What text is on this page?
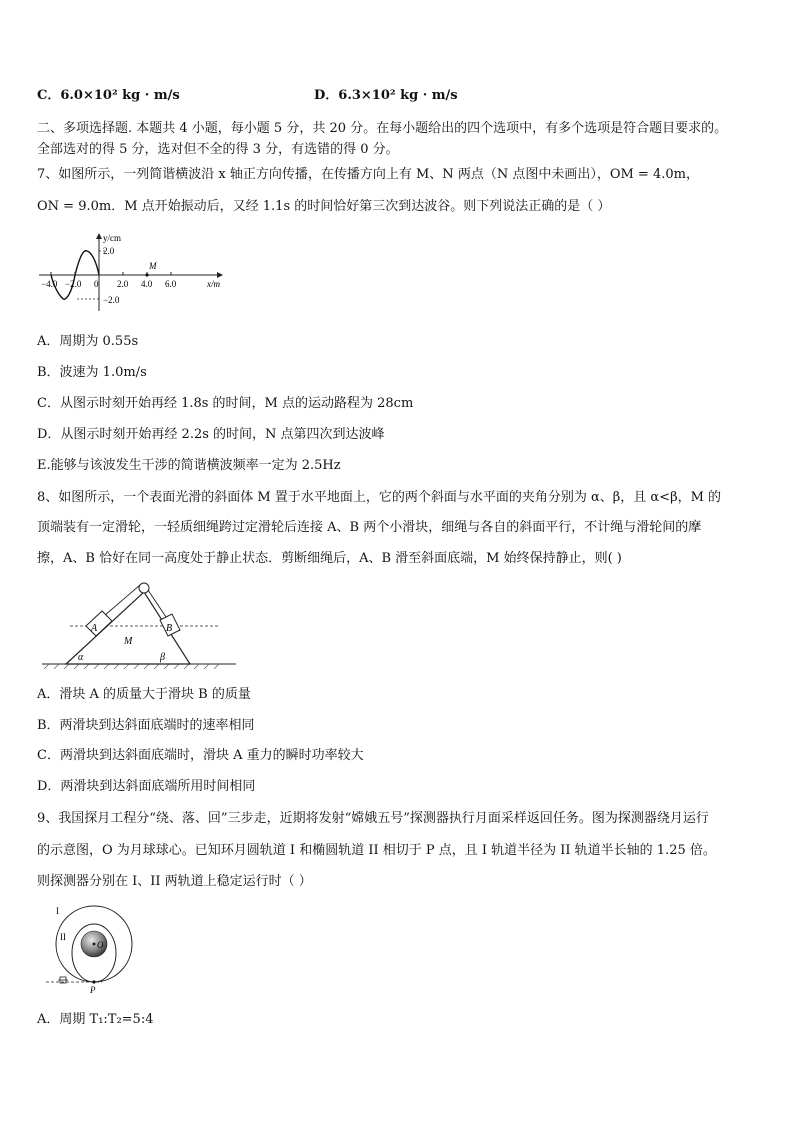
C．6.0×10² kg · m/s	D．6.3×10² kg · m/s
二、多项选择题. 本题共 4 小题，每小题 5 分，共 20 分。在每小题给出的四个选项中，有多个选项是符合题目要求的。
全部选对的得 5 分，选对但不全的得 3 分，有选错的得 0 分。
7、如图所示，一列简谐横波沿 x 轴正方向传播，在传播方向上有 M、N 两点（N 点图中未画出），OM = 4.0m，
ON = 9.0m．M 点开始振动后，又经 1.1s 的时间恰好第三次到达波谷。则下列说法正确的是（ ）
y/cm
2.0
−2.0
M
−4.0 −2.0 0 2.0 4.0 6.0	x/m
A．周期为 0.55s
B．波速为 1.0m/s
C．从图示时刻开始再经 1.8s 的时间，M 点的运动路程为 28cm
D．从图示时刻开始再经 2.2s 的时间，N 点第四次到达波峰
E.能够与该波发生干涉的简谐横波频率一定为 2.5Hz
8、如图所示，一个表面光滑的斜面体 M 置于水平地面上，它的两个斜面与水平面的夹角分别为 α、β，且 α<β，M 的
顶端装有一定滑轮，一轻质细绳跨过定滑轮后连接 A、B 两个小滑块，细绳与各自的斜面平行，不计绳与滑轮间的摩
擦，A、B 恰好在同一高度处于静止状态．剪断细绳后，A、B 滑至斜面底端，M 始终保持静止，则( )
A	B
M
α	β
A．滑块 A 的质量大于滑块 B 的质量
B．两滑块到达斜面底端时的速率相同
C．两滑块到达斜面底端时，滑块 A 重力的瞬时功率较大
D．两滑块到达斜面底端所用时间相同
9、我国探月工程分“绕、落、回”三步走，近期将发射“嫦娥五号”探测器执行月面采样返回任务。图为探测器绕月运行
的示意图，O 为月球球心。已知环月圆轨道 I 和椭圆轨道 II 相切于 P 点，且 I 轨道半径为 II 轨道半长轴的 1.25 倍。
则探测器分别在 I、II 两轨道上稳定运行时（ ）
I
II
O
P
A．周期 T₁:T₂=5:4
